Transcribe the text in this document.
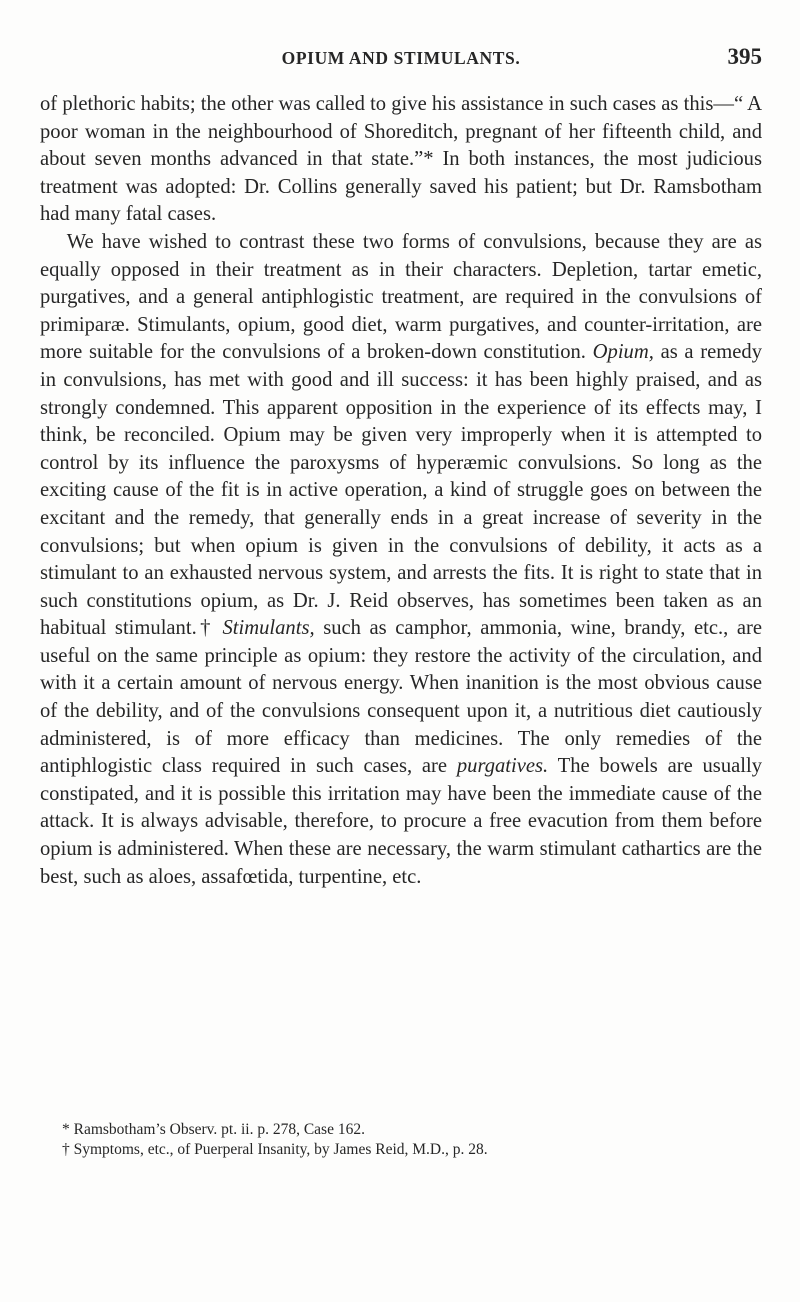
OPIUM AND STIMULANTS.	395

of plethoric habits; the other was called to give his assistance in such cases as this—“ A poor woman in the neighbourhood of Shoreditch, pregnant of her fifteenth child, and about seven months advanced in that state.”* In both instances, the most judicious treatment was adopted: Dr. Collins generally saved his patient; but Dr. Ramsbotham had many fatal cases.

We have wished to contrast these two forms of convulsions, because they are as equally opposed in their treatment as in their characters. Depletion, tartar emetic, purgatives, and a general antiphlogistic treatment, are required in the convulsions of primiparæ. Stimulants, opium, good diet, warm purgatives, and counter-irritation, are more suitable for the convulsions of a broken-down constitution. Opium, as a remedy in convulsions, has met with good and ill success: it has been highly praised, and as strongly condemned. This apparent opposition in the experience of its effects may, I think, be reconciled. Opium may be given very improperly when it is attempted to control by its influence the paroxysms of hyperæmic convulsions. So long as the exciting cause of the fit is in active operation, a kind of struggle goes on between the excitant and the remedy, that generally ends in a great increase of severity in the convulsions; but when opium is given in the convulsions of debility, it acts as a stimulant to an exhausted nervous system, and arrests the fits. It is right to state that in such constitutions opium, as Dr. J. Reid observes, has sometimes been taken as an habitual stimulant.† Stimulants, such as camphor, ammonia, wine, brandy, etc., are useful on the same principle as opium: they restore the activity of the circulation, and with it a certain amount of nervous energy. When inanition is the most obvious cause of the debility, and of the convulsions consequent upon it, a nutritious diet cautiously administered, is of more efficacy than medicines. The only remedies of the antiphlogistic class required in such cases, are purgatives. The bowels are usually constipated, and it is possible this irritation may have been the immediate cause of the attack. It is always advisable, therefore, to procure a free evacution from them before opium is administered. When these are necessary, the warm stimulant cathartics are the best, such as aloes, assafœtida, turpentine, etc.

* Ramsbotham’s Observ. pt. ii. p. 278, Case 162.
† Symptoms, etc., of Puerperal Insanity, by James Reid, M.D., p. 28.
